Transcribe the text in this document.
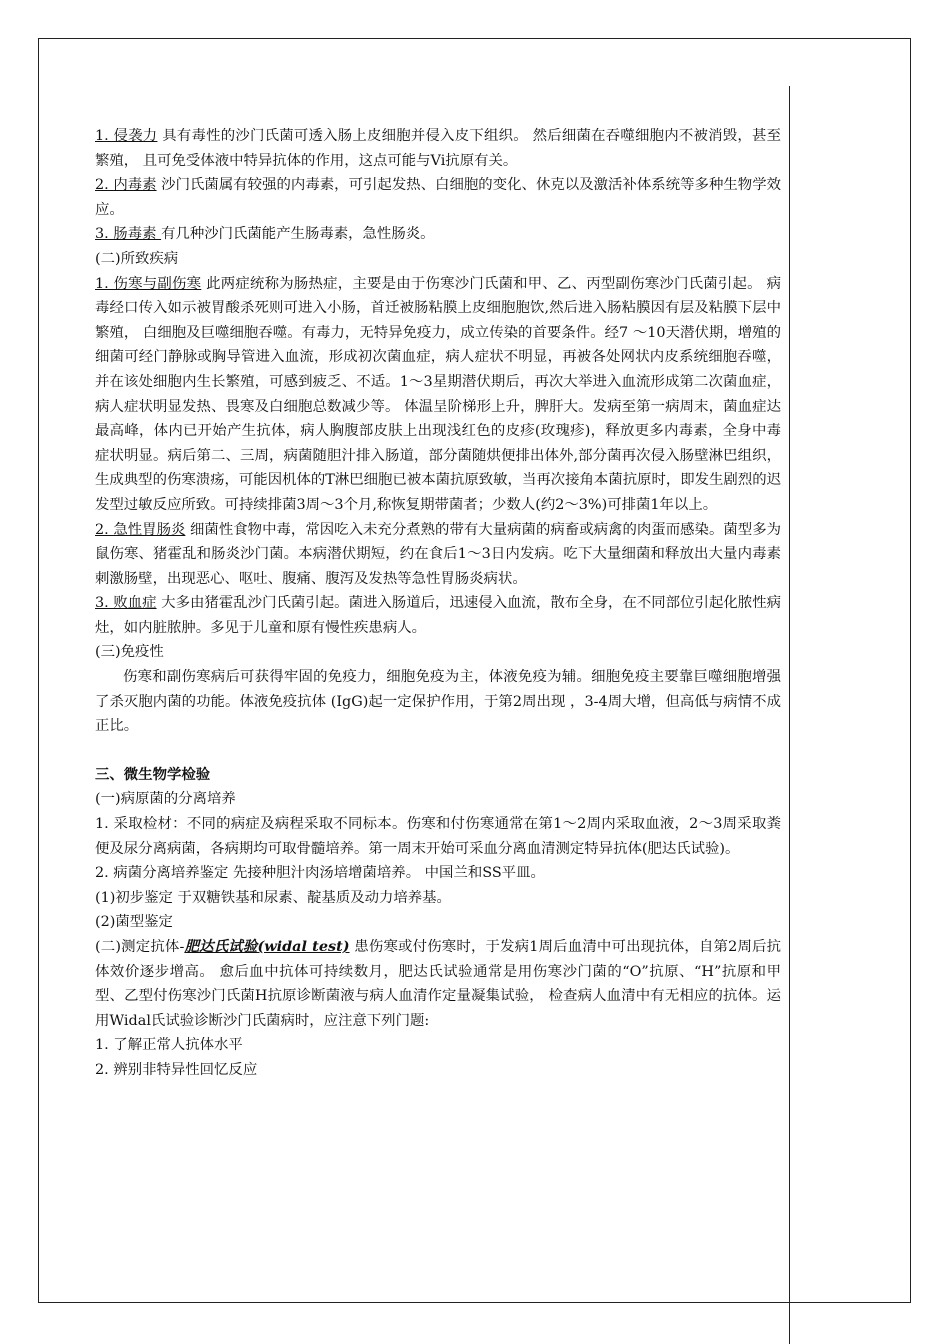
1. 侵袭力 具有毒性的沙门氏菌可透入肠上皮细胞并侵入皮下组织。 然后细菌在吞噬细胞内不被消毁，甚至繁殖， 且可免受体液中特异抗体的作用，这点可能与Vi抗原有关。

2. 内毒素 沙门氏菌属有较强的内毒素，可引起发热、白细胞的变化、休克以及激活补体系统等多种生物学效应。

3. 肠毒素 有几种沙门氏菌能产生肠毒素，急性肠炎。

(二)所致疾病

1. 伤寒与副伤寒 此两症统称为肠热症，主要是由于伤寒沙门氏菌和甲、乙、丙型副伤寒沙门氏菌引起。 病毒经口传入如示被胃酸杀死则可进入小肠，首迁被肠粘膜上皮细胞胞饮,然后进入肠粘膜因有层及粘膜下层中繁殖， 白细胞及巨噬细胞吞噬。有毒力，无特异免疫力，成立传染的首要条件。经7 ～10天潜伏期，增殖的细菌可经门静脉或胸导管进入血流，形成初次菌血症，病人症状不明显，再被各处网状内皮系统细胞吞噬，并在该处细胞内生长繁殖，可感到疲乏、不适。1～3星期潜伏期后，再次大举进入血流形成第二次菌血症，病人症状明显发热、畏寒及白细胞总数减少等。 体温呈阶梯形上升，脾肝大。发病至第一病周末，菌血症达最高峰，体内已开始产生抗体，病人胸腹部皮肤上出现浅红色的皮疹(玫瑰疹)，释放更多内毒素，全身中毒症状明显。病后第二、三周，病菌随胆汁排入肠道，部分菌随烘便排出体外,部分菌再次侵入肠壁淋巴组织，生成典型的伤寒溃疡，可能因机体的T淋巴细胞已被本菌抗原致敏，当再次接角本菌抗原时，即发生剧烈的迟发型过敏反应所致。可持续排菌3周～3个月,称恢复期带菌者；少数人(约2～3%)可排菌1年以上。

2. 急性胃肠炎 细菌性食物中毒，常因吃入未充分煮熟的带有大量病菌的病畜或病禽的肉蛋而感染。菌型多为鼠伤寒、猪霍乱和肠炎沙门菌。本病潜伏期短，约在食后1～3日内发病。吃下大量细菌和释放出大量内毒素刺激肠壁，出现恶心、呕吐、腹痛、腹泻及发热等急性胃肠炎病状。

3. 败血症 大多由猪霍乱沙门氏菌引起。菌进入肠道后，迅速侵入血流，散布全身，在不同部位引起化脓性病灶，如内脏脓肿。多见于儿童和原有慢性疾患病人。

(三)免疫性

伤寒和副伤寒病后可获得牢固的免疫力，细胞免疫为主，体液免疫为辅。细胞免疫主要靠巨噬细胞增强了杀灭胞内菌的功能。体液免疫抗体 (IgG)起一定保护作用，于第2周出现 ，3-4周大增，但高低与病情不成正比。

三、微生物学检验

(一)病原菌的分离培养

1. 采取检材：不同的病症及病程采取不同标本。伤寒和付伤寒通常在第1～2周内采取血液，2～3周采取粪便及尿分离病菌，各病期均可取骨髓培养。第一周末开始可采血分离血清测定特异抗体(肥达氏试验)。

2. 病菌分离培养鉴定 先接种胆汁肉汤培增菌培养。 中国兰和SS平皿。

(1)初步鉴定 于双糖铁基和尿素、靛基质及动力培养基。

(2)菌型鉴定

(二)测定抗体-肥达氏试验(widal test) 患伤寒或付伤寒时，于发病1周后血清中可出现抗体，自第2周后抗体效价逐步增高。 愈后血中抗体可持续数月，肥达氏试验通常是用伤寒沙门菌的“O”抗原、“H”抗原和甲型、乙型付伤寒沙门氏菌H抗原诊断菌液与病人血清作定量凝集试验， 检查病人血清中有无相应的抗体。运用Widal氏试验诊断沙门氏菌病时，应注意下列门题:

1. 了解正常人抗体水平

2. 辨别非特异性回忆反应
